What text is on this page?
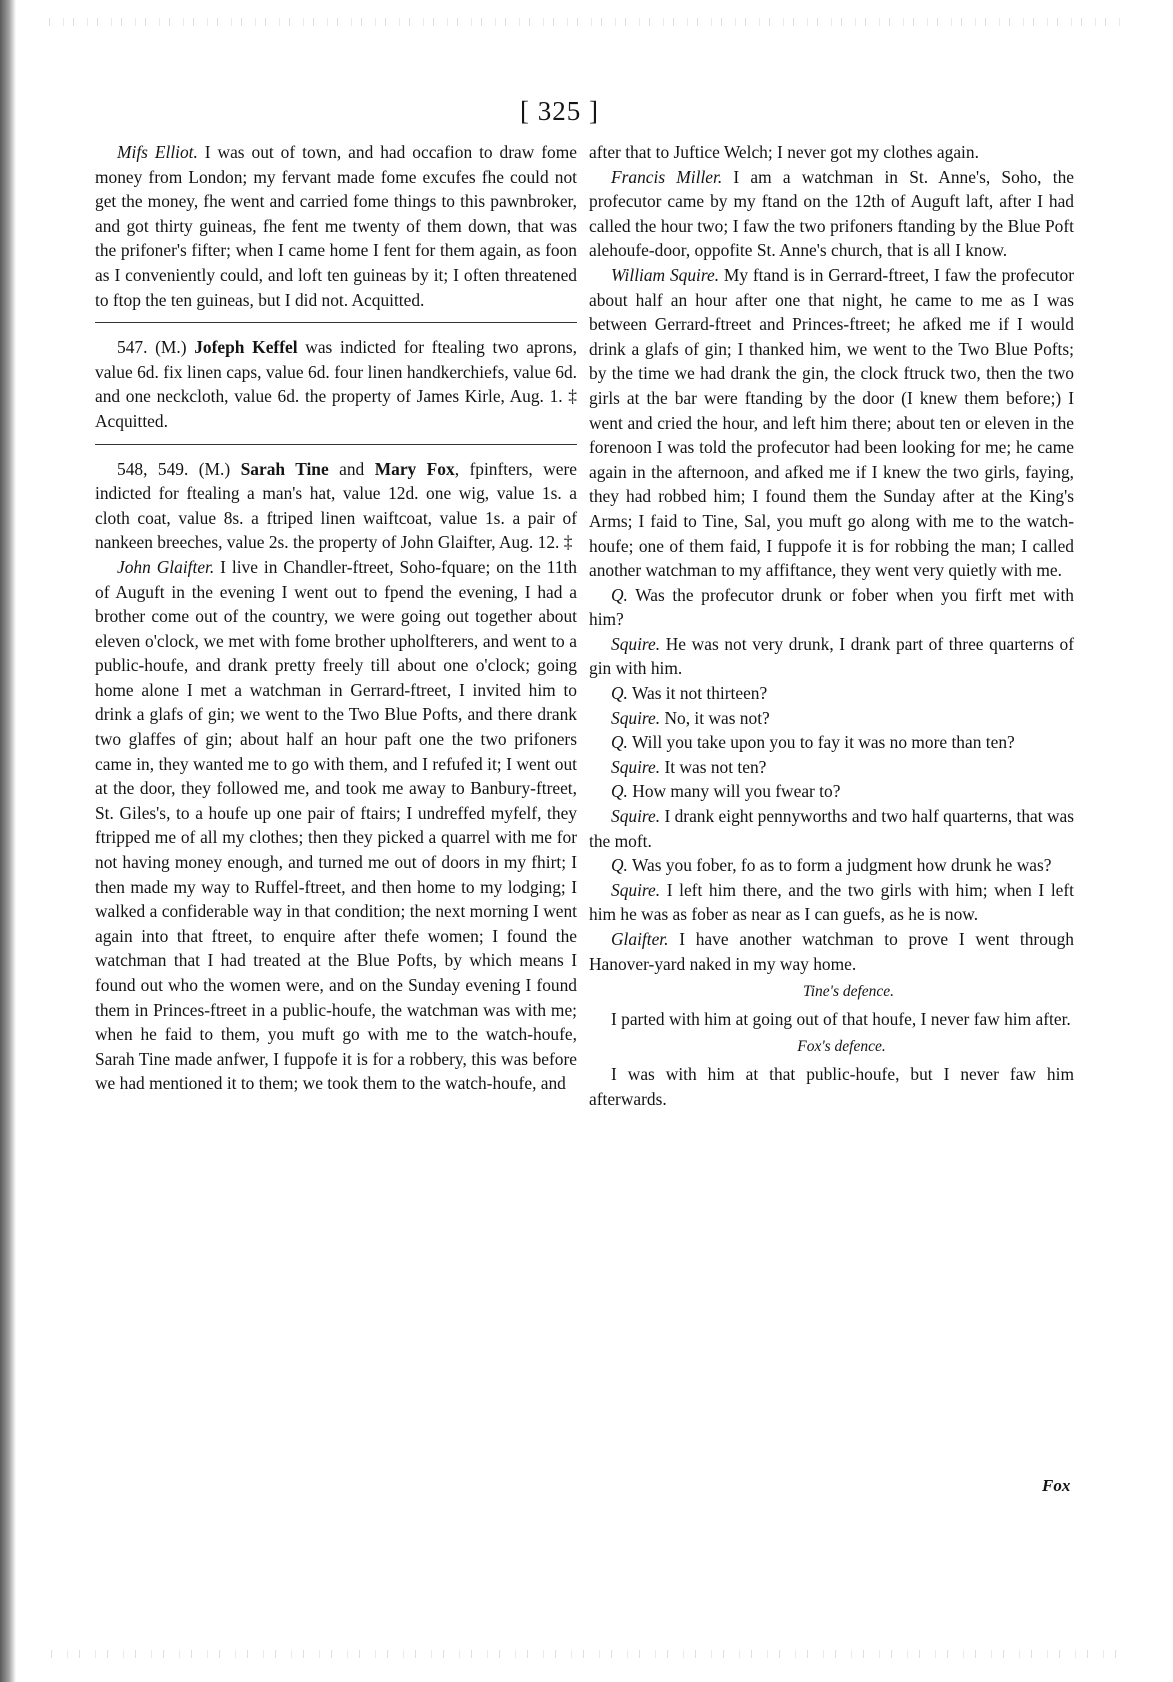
[ 325 ]

Mifs Elliot. I was out of town, and had occafion to draw fome money from London; my fervant made fome excufes fhe could not get the money, fhe went and carried fome things to this pawnbroker, and got thirty guineas, fhe fent me twenty of them down, that was the prifoner's fifter; when I came home I fent for them again, as foon as I conveniently could, and loft ten guineas by it; I often threatened to ftop the ten guineas, but I did not. Acquitted.

547. (M.) Jofeph Keffel was indicted for ftealing two aprons, value 6d. fix linen caps, value 6d. four linen handkerchiefs, value 6d. and one neckcloth, value 6d. the property of James Kirle, Aug. 1. ‡ Acquitted.

548, 549. (M.) Sarah Tine and Mary Fox, fpinfters, were indicted for ftealing a man's hat, value 12d. one wig, value 1s. a cloth coat, value 8s. a ftriped linen waiftcoat, value 1s. a pair of nankeen breeches, value 2s. the property of John Glaifter, Aug. 12. ‡

John Glaifter. I live in Chandler-ftreet, Soho-fquare; on the 11th of Auguft in the evening I went out to fpend the evening, I had a brother come out of the country, we were going out together about eleven o'clock, we met with fome brother upholfterers, and went to a public-houfe, and drank pretty freely till about one o'clock; going home alone I met a watchman in Gerrard-ftreet, I invited him to drink a glafs of gin; we went to the Two Blue Pofts, and there drank two glaffes of gin; about half an hour paft one the two prifoners came in, they wanted me to go with them, and I refufed it; I went out at the door, they followed me, and took me away to Banbury-ftreet, St. Giles's, to a houfe up one pair of ftairs; I undreffed myfelf, they ftripped me of all my clothes; then they picked a quarrel with me for not having money enough, and turned me out of doors in my fhirt; I then made my way to Ruffel-ftreet, and then home to my lodging; I walked a confiderable way in that condition; the next morning I went again into that ftreet, to enquire after thefe women; I found the watchman that I had treated at the Blue Pofts, by which means I found out who the women were, and on the Sunday evening I found them in Princes-ftreet in a public-houfe, the watchman was with me; when he faid to them, you muft go with me to the watch-houfe, Sarah Tine made anfwer, I fuppofe it is for a robbery, this was before we had mentioned it to them; we took them to the watch-houfe, and

after that to Juftice Welch; I never got my clothes again.

Francis Miller. I am a watchman in St. Anne's, Soho, the profecutor came by my ftand on the 12th of Auguft laft, after I had called the hour two; I faw the two prifoners ftanding by the Blue Poft alehoufe-door, oppofite St. Anne's church, that is all I know.

William Squire. My ftand is in Gerrard-ftreet, I faw the profecutor about half an hour after one that night, he came to me as I was between Gerrard-ftreet and Princes-ftreet; he afked me if I would drink a glafs of gin; I thanked him, we went to the Two Blue Pofts; by the time we had drank the gin, the clock ftruck two, then the two girls at the bar were ftanding by the door (I knew them before;) I went and cried the hour, and left him there; about ten or eleven in the forenoon I was told the profecutor had been looking for me; he came again in the afternoon, and afked me if I knew the two girls, faying, they had robbed him; I found them the Sunday after at the King's Arms; I faid to Tine, Sal, you muft go along with me to the watch-houfe; one of them faid, I fuppofe it is for robbing the man; I called another watchman to my affiftance, they went very quietly with me.

Q. Was the profecutor drunk or fober when you firft met with him?

Squire. He was not very drunk, I drank part of three quarterns of gin with him.

Q. Was it not thirteen?

Squire. No, it was not?

Q. Will you take upon you to fay it was no more than ten?

Squire. It was not ten?

Q. How many will you fwear to?

Squire. I drank eight pennyworths and two half quarterns, that was the moft.

Q. Was you fober, fo as to form a judgment how drunk he was?

Squire. I left him there, and the two girls with him; when I left him he was as fober as near as I can guefs, as he is now.

Glaifter. I have another watchman to prove I went through Hanover-yard naked in my way home.

Tine's defence.

I parted with him at going out of that houfe, I never faw him after.

Fox's defence.

I was with him at that public-houfe, but I never faw him afterwards.

Fox
